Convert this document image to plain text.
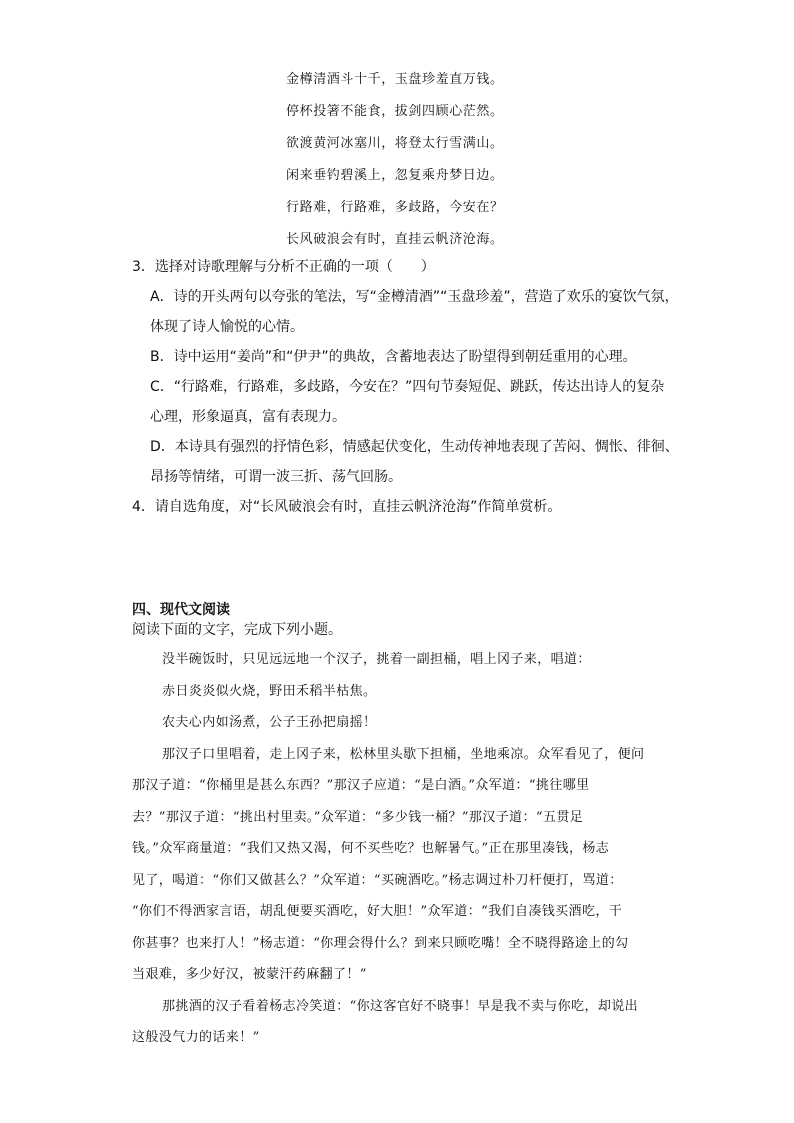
金樽清酒斗十千，玉盘珍羞直万钱。
停杯投箸不能食，拔剑四顾心茫然。
欲渡黄河冰塞川，将登太行雪满山。
闲来垂钓碧溪上，忽复乘舟梦日边。
行路难，行路难，多歧路，今安在？
长风破浪会有时，直挂云帆济沧海。
3．选择对诗歌理解与分析不正确的一项（　　）
A．诗的开头两句以夸张的笔法，写“金樽清酒”“玉盘珍羞”，营造了欢乐的宴饮气氛，
体现了诗人愉悦的心情。
B．诗中运用“姜尚”和“伊尹”的典故，含蓄地表达了盼望得到朝廷重用的心理。
C．“行路难，行路难，多歧路，今安在？”四句节奏短促、跳跃，传达出诗人的复杂
心理，形象逼真，富有表现力。
D．本诗具有强烈的抒情色彩，情感起伏变化，生动传神地表现了苦闷、惆怅、徘徊、
昂扬等情绪，可谓一波三折、荡气回肠。
4．请自选角度，对“长风破浪会有时，直挂云帆济沧海”作简单赏析。
四、现代文阅读
阅读下面的文字，完成下列小题。
没半碗饭时，只见远远地一个汉子，挑着一副担桶，唱上冈子来，唱道：
赤日炎炎似火烧，野田禾稻半枯焦。
农夫心内如汤煮，公子王孙把扇摇！
那汉子口里唱着，走上冈子来，松林里头歇下担桶，坐地乘凉。众军看见了，便问
那汉子道：“你桶里是甚么东西？”那汉子应道：“是白酒。”众军道：“挑往哪里
去？”那汉子道：“挑出村里卖。”众军道：“多少钱一桶？”那汉子道：“五贯足
钱。”众军商量道：“我们又热又渴，何不买些吃？也解暑气。”正在那里凑钱，杨志
见了，喝道：“你们又做甚么？”众军道：“买碗酒吃。”杨志调过朴刀杆便打，骂道：
“你们不得洒家言语，胡乱便要买酒吃，好大胆！”众军道：“我们自凑钱买酒吃，干
你甚事？也来打人！”杨志道：“你理会得什么？到来只顾吃嘴！全不晓得路途上的勾
当艰难，多少好汉，被蒙汗药麻翻了！”
那挑酒的汉子看着杨志冷笑道：“你这客官好不晓事！早是我不卖与你吃，却说出
这般没气力的话来！”
